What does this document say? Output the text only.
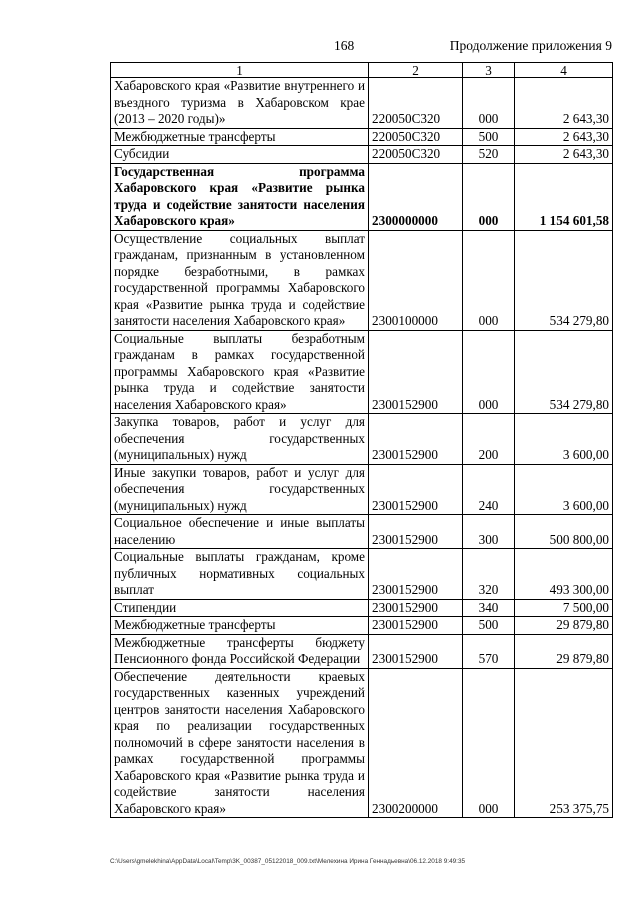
168	Продолжение приложения 9
1	2	3	4
Хабаровского края «Развитие внутреннего и въездного туризма в Хабаровском крае (2013 – 2020 годы)»	220050С320	000	2 643,30
Межбюджетные трансферты	220050С320	500	2 643,30
Субсидии	220050С320	520	2 643,30
Государственная программа Хабаровского края «Развитие рынка труда и содействие занятости населения Хабаровского края»	2300000000	000	1 154 601,58
Осуществление социальных выплат гражданам, признанным в установленном порядке безработными, в рамках государственной программы Хабаровского края «Развитие рынка труда и содействие занятости населения Хабаровского края»	2300100000	000	534 279,80
Социальные выплаты безработным гражданам в рамках государственной программы Хабаровского края «Развитие рынка труда и содействие занятости населения Хабаровского края»	2300152900	000	534 279,80
Закупка товаров, работ и услуг для обеспечения государственных (муниципальных) нужд	2300152900	200	3 600,00
Иные закупки товаров, работ и услуг для обеспечения государственных (муниципальных) нужд	2300152900	240	3 600,00
Социальное обеспечение и иные выплаты населению	2300152900	300	500 800,00
Социальные выплаты гражданам, кроме публичных нормативных социальных выплат	2300152900	320	493 300,00
Стипендии	2300152900	340	7 500,00
Межбюджетные трансферты	2300152900	500	29 879,80
Межбюджетные трансферты бюджету Пенсионного фонда Российской Федерации	2300152900	570	29 879,80
Обеспечение деятельности краевых государственных казенных учреждений центров занятости населения Хабаровского края по реализации государственных полномочий в сфере занятости населения в рамках государственной программы Хабаровского края «Развитие рынка труда и содействие занятости населения Хабаровского края»	2300200000	000	253 375,75
C:\Users\gmelekhina\AppData\Local\Temp\3K_00387_05122018_009.txt\Мелехина Ирина Геннадьевна\06.12.2018 9:49:35
